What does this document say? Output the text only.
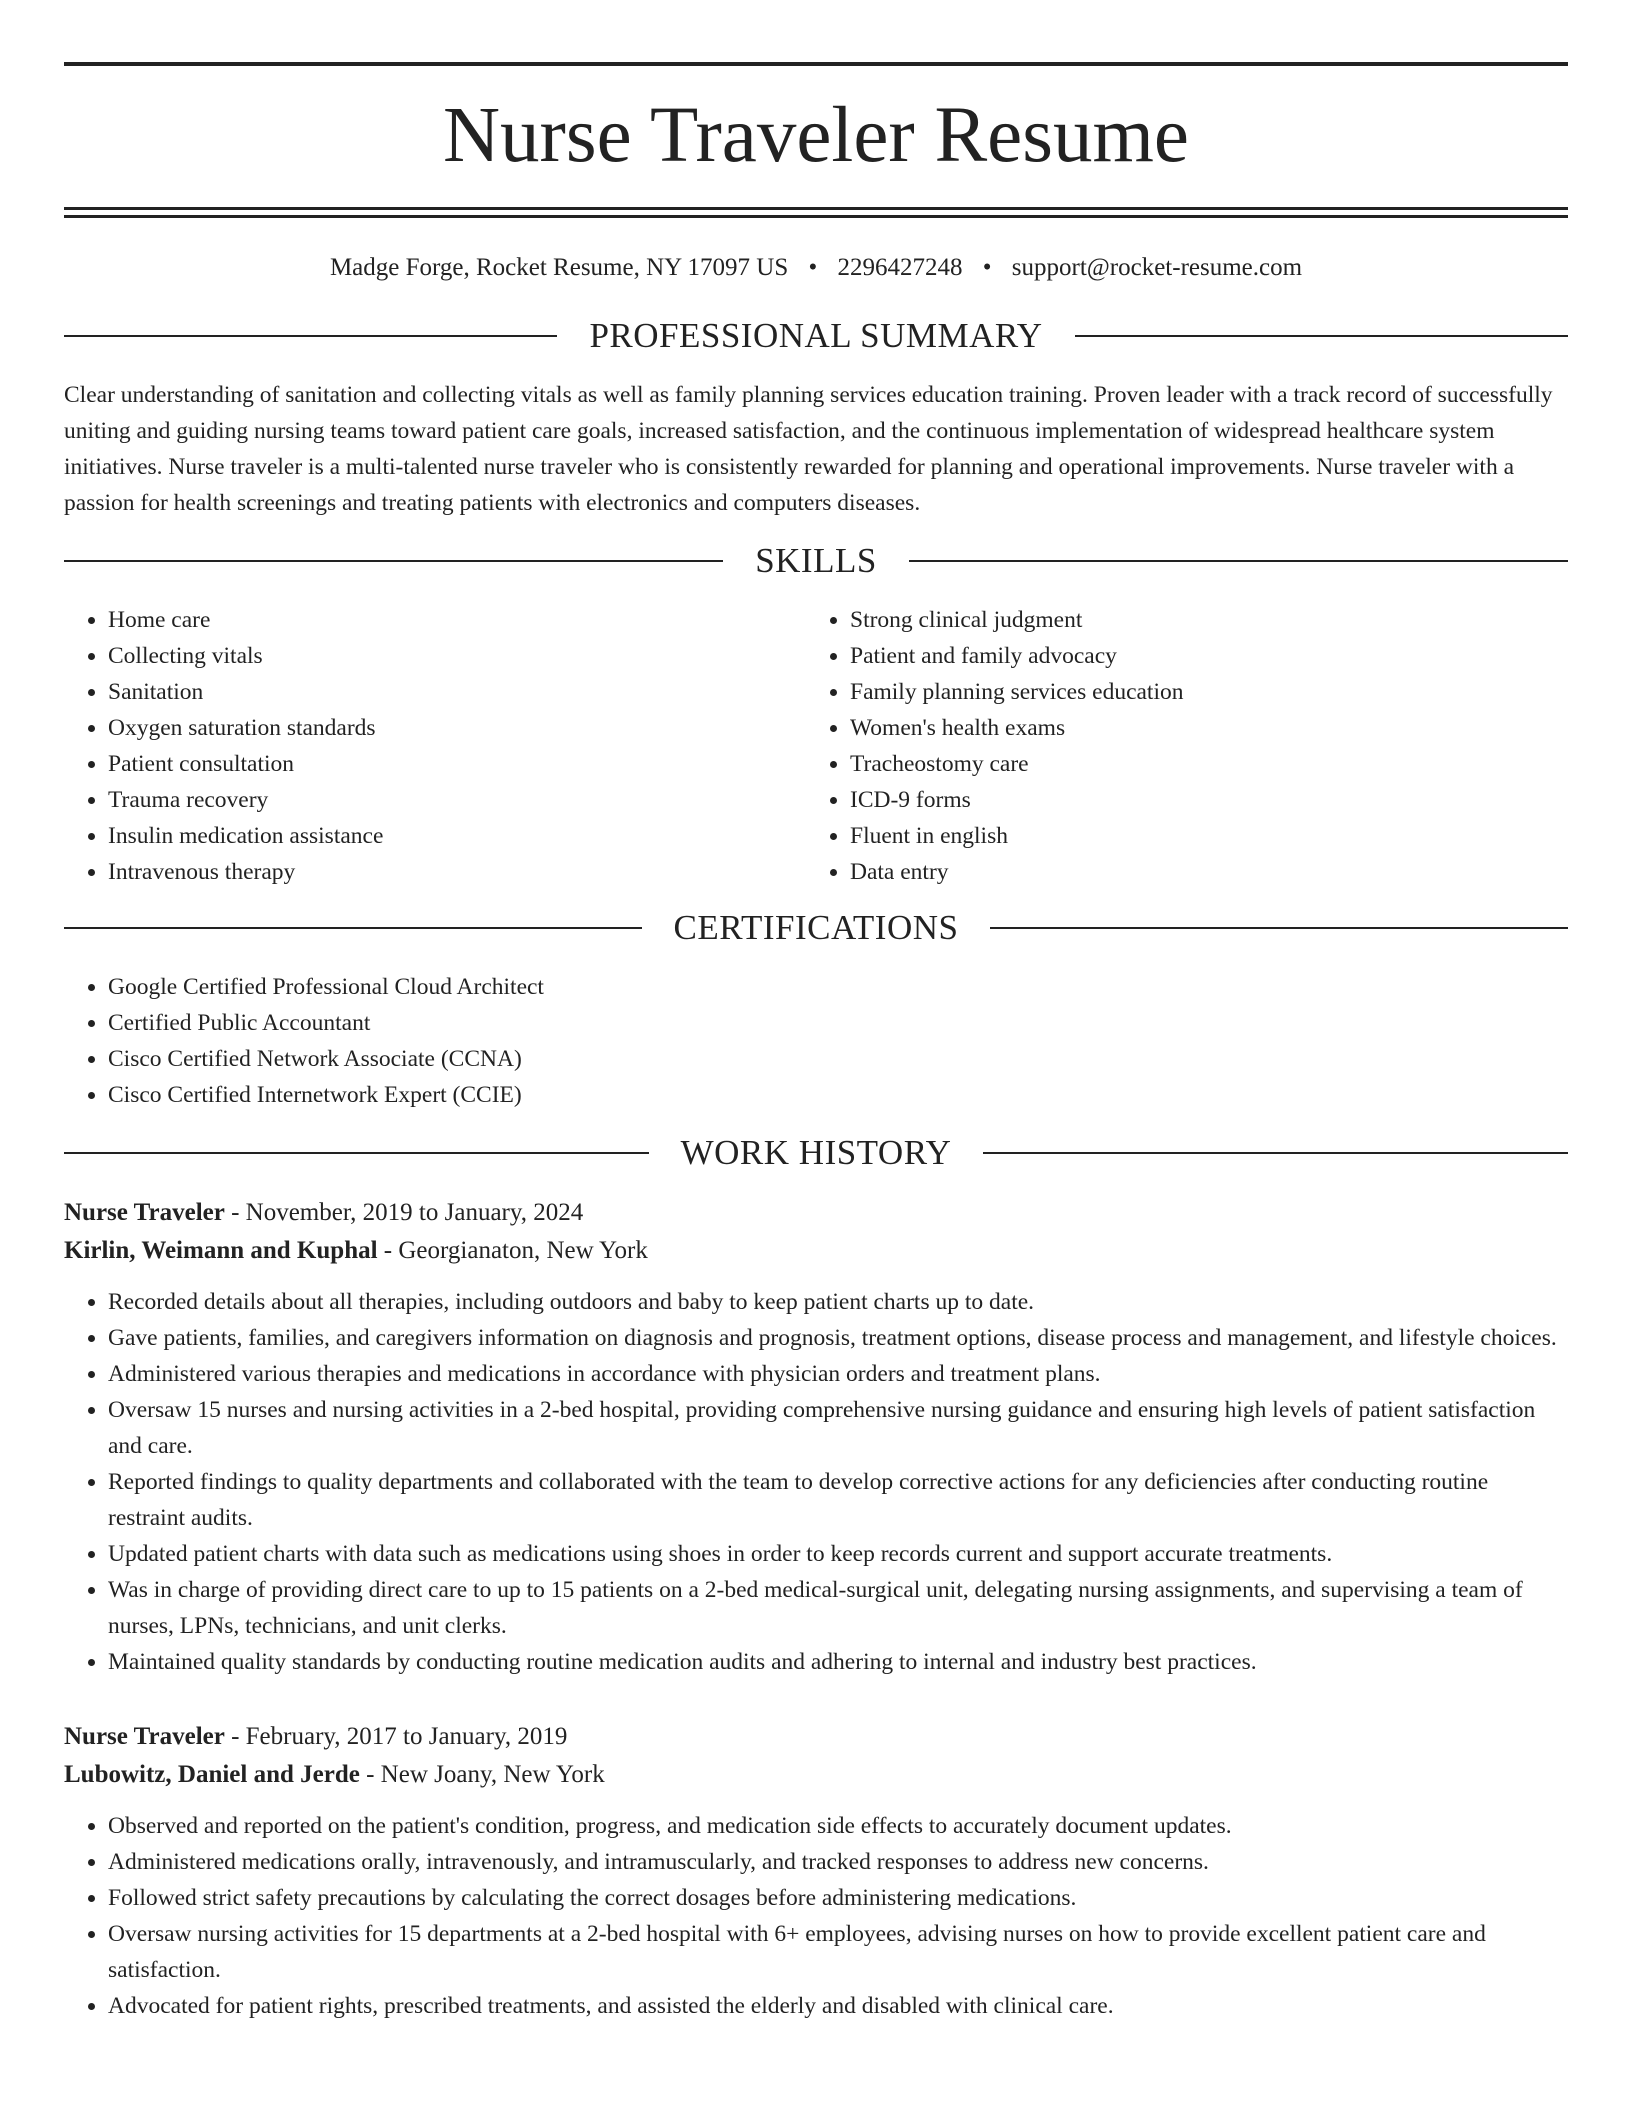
Nurse Traveler Resume
Madge Forge, Rocket Resume, NY 17097 US • 2296427248 • support@rocket-resume.com
PROFESSIONAL SUMMARY

Clear understanding of sanitation and collecting vitals as well as family planning services education training. Proven leader with a track record of successfully uniting and guiding nursing teams toward patient care goals, increased satisfaction, and the continuous implementation of widespread healthcare system initiatives. Nurse traveler is a multi-talented nurse traveler who is consistently rewarded for planning and operational improvements. Nurse traveler with a passion for health screenings and treating patients with electronics and computers diseases.

SKILLS
• Home care
• Collecting vitals
• Sanitation
• Oxygen saturation standards
• Patient consultation
• Trauma recovery
• Insulin medication assistance
• Intravenous therapy
• Strong clinical judgment
• Patient and family advocacy
• Family planning services education
• Women's health exams
• Tracheostomy care
• ICD-9 forms
• Fluent in english
• Data entry
CERTIFICATIONS
• Google Certified Professional Cloud Architect
• Certified Public Accountant
• Cisco Certified Network Associate (CCNA)
• Cisco Certified Internetwork Expert (CCIE)
WORK HISTORY
Nurse Traveler - November, 2019 to January, 2024
Kirlin, Weimann and Kuphal - Georgianaton, New York
• Recorded details about all therapies, including outdoors and baby to keep patient charts up to date.
• Gave patients, families, and caregivers information on diagnosis and prognosis, treatment options, disease process and management, and lifestyle choices.
• Administered various therapies and medications in accordance with physician orders and treatment plans.
• Oversaw 15 nurses and nursing activities in a 2-bed hospital, providing comprehensive nursing guidance and ensuring high levels of patient satisfaction and care.
• Reported findings to quality departments and collaborated with the team to develop corrective actions for any deficiencies after conducting routine restraint audits.
• Updated patient charts with data such as medications using shoes in order to keep records current and support accurate treatments.
• Was in charge of providing direct care to up to 15 patients on a 2-bed medical-surgical unit, delegating nursing assignments, and supervising a team of nurses, LPNs, technicians, and unit clerks.
• Maintained quality standards by conducting routine medication audits and adhering to internal and industry best practices.
Nurse Traveler - February, 2017 to January, 2019
Lubowitz, Daniel and Jerde - New Joany, New York
• Observed and reported on the patient's condition, progress, and medication side effects to accurately document updates.
• Administered medications orally, intravenously, and intramuscularly, and tracked responses to address new concerns.
• Followed strict safety precautions by calculating the correct dosages before administering medications.
• Oversaw nursing activities for 15 departments at a 2-bed hospital with 6+ employees, advising nurses on how to provide excellent patient care and satisfaction.
• Advocated for patient rights, prescribed treatments, and assisted the elderly and disabled with clinical care.
